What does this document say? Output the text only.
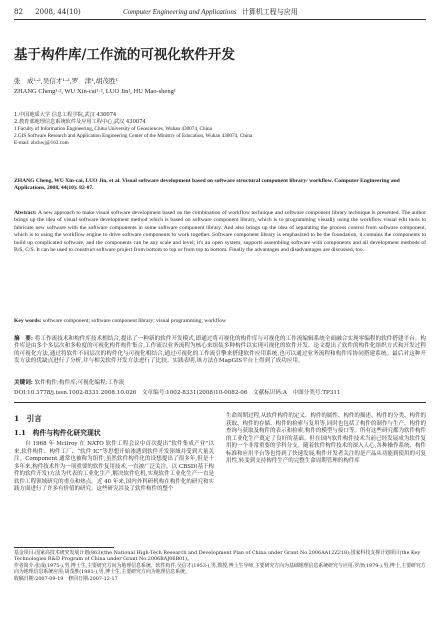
82 2008, 44(10)	Computer Engineering and Applications 计算机工程与应用
基于构件库/工作流的可视化软件开发
张　成¹·²,吴信才¹·²,罗　津¹,胡茂胜¹
ZHANG Cheng¹·², WU Xin-cai¹·², LUO Jin¹, HU Mao-sheng¹
1.中国地质大学 信息工程学院,武汉 430074
2.教育部地理信息系统软件及应用工程中心,武汉 430074
1.Faculty of Information Engineering, China University of Geosciences, Wuhan 430074, China
2.GIS Software Research and Application Engineering Center of the Ministry of Education, Wuhan 430074, China
E-mail: zhchwj@163.com
ZHANG Cheng, WU Xin-cai, LUO Jin, et al. Visual software development based on software structural component library/ workflow. Computer Engineering and Applications, 2008, 44(10): 82-87.
Abstract: A new approach to make visual software development based on the combination of workflow technique and software component library technique is presented. The author brings up the idea of visual software development method which is based on software component library, which is to programming visually using the workflow visual edit tools to fabricate new software with the software components in some software component library. And also brings up the idea of separating the process control from software component, which is to using the workflow engine to drive software components to work together. Software component library is emphasized to be the foundation, it contains the components to build up complicated software, and the components can be any scale and level; it's an open system, supports assembling software with components and all development methods of B/S, C/S. It can be used to construct software project from bottom to top or from top to bottom. Finally the advantages and disadvantages are discussed, too.
Key words: software component; software component library; visual programming; workflow
摘　要: 将工作流技术和构件库技术相结合,提出了一种新的软件开发模式,即通过将可视化的构件库与可视化的工作流编辑系统全面融合实现零编程的软件搭建平台。构件库是由多个多层次和多粒度的可视化构件构件集合,工作流以业务流程为核心来组装多种构件以实现可视化的软件开发。论文提出了软件的构件化组织方式和开发过程的可视化方法,通过将软件不同层次的构件化与可视化相结合,通过可视化的工作流引擎来搭建软件应用系统,也可以通过业务流程和构件库协同搭建系统。最后对这种开发方法的优缺点进行了分析,并与相关软件开发方法进行了比较。实践表明,该方法在MapGIS平台上得到了成功应用。
关键词: 软件构件;构件库;可视化编程;工作流
DOI:10.3778/j.issn.1002-8331.2008.10.026　文章编号:1002-8331(2008)10-0082-06　文献标识码:A　中图分类号:TP311
1　引言
1.1　构件与构件化研究现状
自 1968 年 Mcilroy 在 NATO 软件工程会议中首次提出“软件集成产业”以来,软件构件、构件工厂、“软件 IC”等思想开始渗透到软件开发领域并受到大量关注。Component 通常也被称为组件,虽然软件构件化的设想提出了很多年,但是十多年来,构件技术作为一项重要的软件复用技术,一直被广泛关注。以 CBSD(基于构件的软件开发)方法为代表的工业化生产,解决软件危机,实现软件工业化生产一直是软件工程领域研究的重点和热点。近 40 年来,国内外科研机构在构件化的研究和实践方面进行了许多有价值的研究。这些研究涉及了软件构件的整个
生命周期过程,从软件构件的定义、构件的属性、构件的描述、构件的分类、构件的获取、构件的存储、构件的检索与复用等,同时也包括了构件的制作与生产、构件的查询与获取及构件的表示和检索,构件的模型与接口等。所有这些研究都为软件构件的工业化生产奠定了良好的基础。但在国内软件构件技术当前已经发展成为软件复用的一个非常重要的学科分支。随着软件构件技术的深入人心,各种操作系统、构件标准和应用平台等也得到了快速发展,构件开发者关注的是产品从功能到使用的可复用性,转变到支持构件生产的完整生命周期管理的构件库
基金项目:国家高技术研究发展计划(863)(the National High-Tech Research and Development Plan of China under Grant No.2006AA12Z218);国家科技支撑计划项目(the Key Technologies R&D Program of China under Grant No.2006BAJ06B01)。
作者简介:张成(1975-),男,博士生,主要研究方向为地理信息系统、软件构件;吴信才(1953-),男,教授,博士生导师,主要研究方向为基础地理信息系统研究与应用;罗津(1979-),男,博士,主要研究方向为地理信息系统应用;胡茂胜(1981-),男,博士生,主要研究方向为地理信息系统。
收稿日期:2007-09-19　修回日期:2007-12-17
